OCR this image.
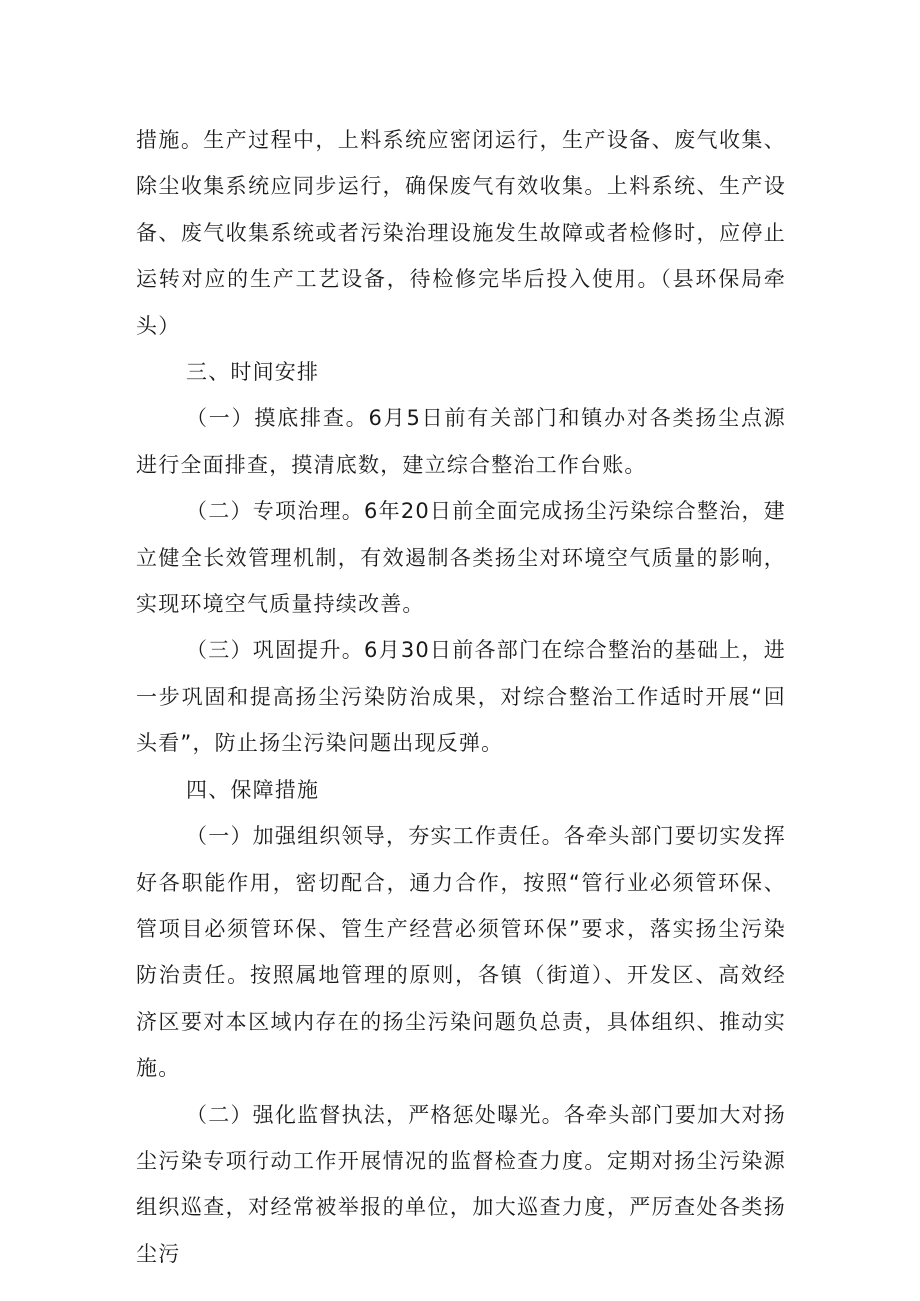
措施。生产过程中，上料系统应密闭运行，生产设备、废气收集、除尘收集系统应同步运行，确保废气有效收集。上料系统、生产设备、废气收集系统或者污染治理设施发生故障或者检修时，应停止运转对应的生产工艺设备，待检修完毕后投入使用。（县环保局牵头）

三、时间安排

（一）摸底排查。6月5日前有关部门和镇办对各类扬尘点源进行全面排查，摸清底数，建立综合整治工作台账。

（二）专项治理。6年20日前全面完成扬尘污染综合整治，建立健全长效管理机制，有效遏制各类扬尘对环境空气质量的影响，实现环境空气质量持续改善。

（三）巩固提升。6月30日前各部门在综合整治的基础上，进一步巩固和提高扬尘污染防治成果，对综合整治工作适时开展“回头看”，防止扬尘污染问题出现反弹。

四、保障措施

（一）加强组织领导，夯实工作责任。各牵头部门要切实发挥好各职能作用，密切配合，通力合作，按照“管行业必须管环保、管项目必须管环保、管生产经营必须管环保”要求，落实扬尘污染防治责任。按照属地管理的原则，各镇（街道）、开发区、高效经济区要对本区域内存在的扬尘污染问题负总责，具体组织、推动实施。

（二）强化监督执法，严格惩处曝光。各牵头部门要加大对扬尘污染专项行动工作开展情况的监督检查力度。定期对扬尘污染源组织巡查，对经常被举报的单位，加大巡查力度，严厉查处各类扬尘污
